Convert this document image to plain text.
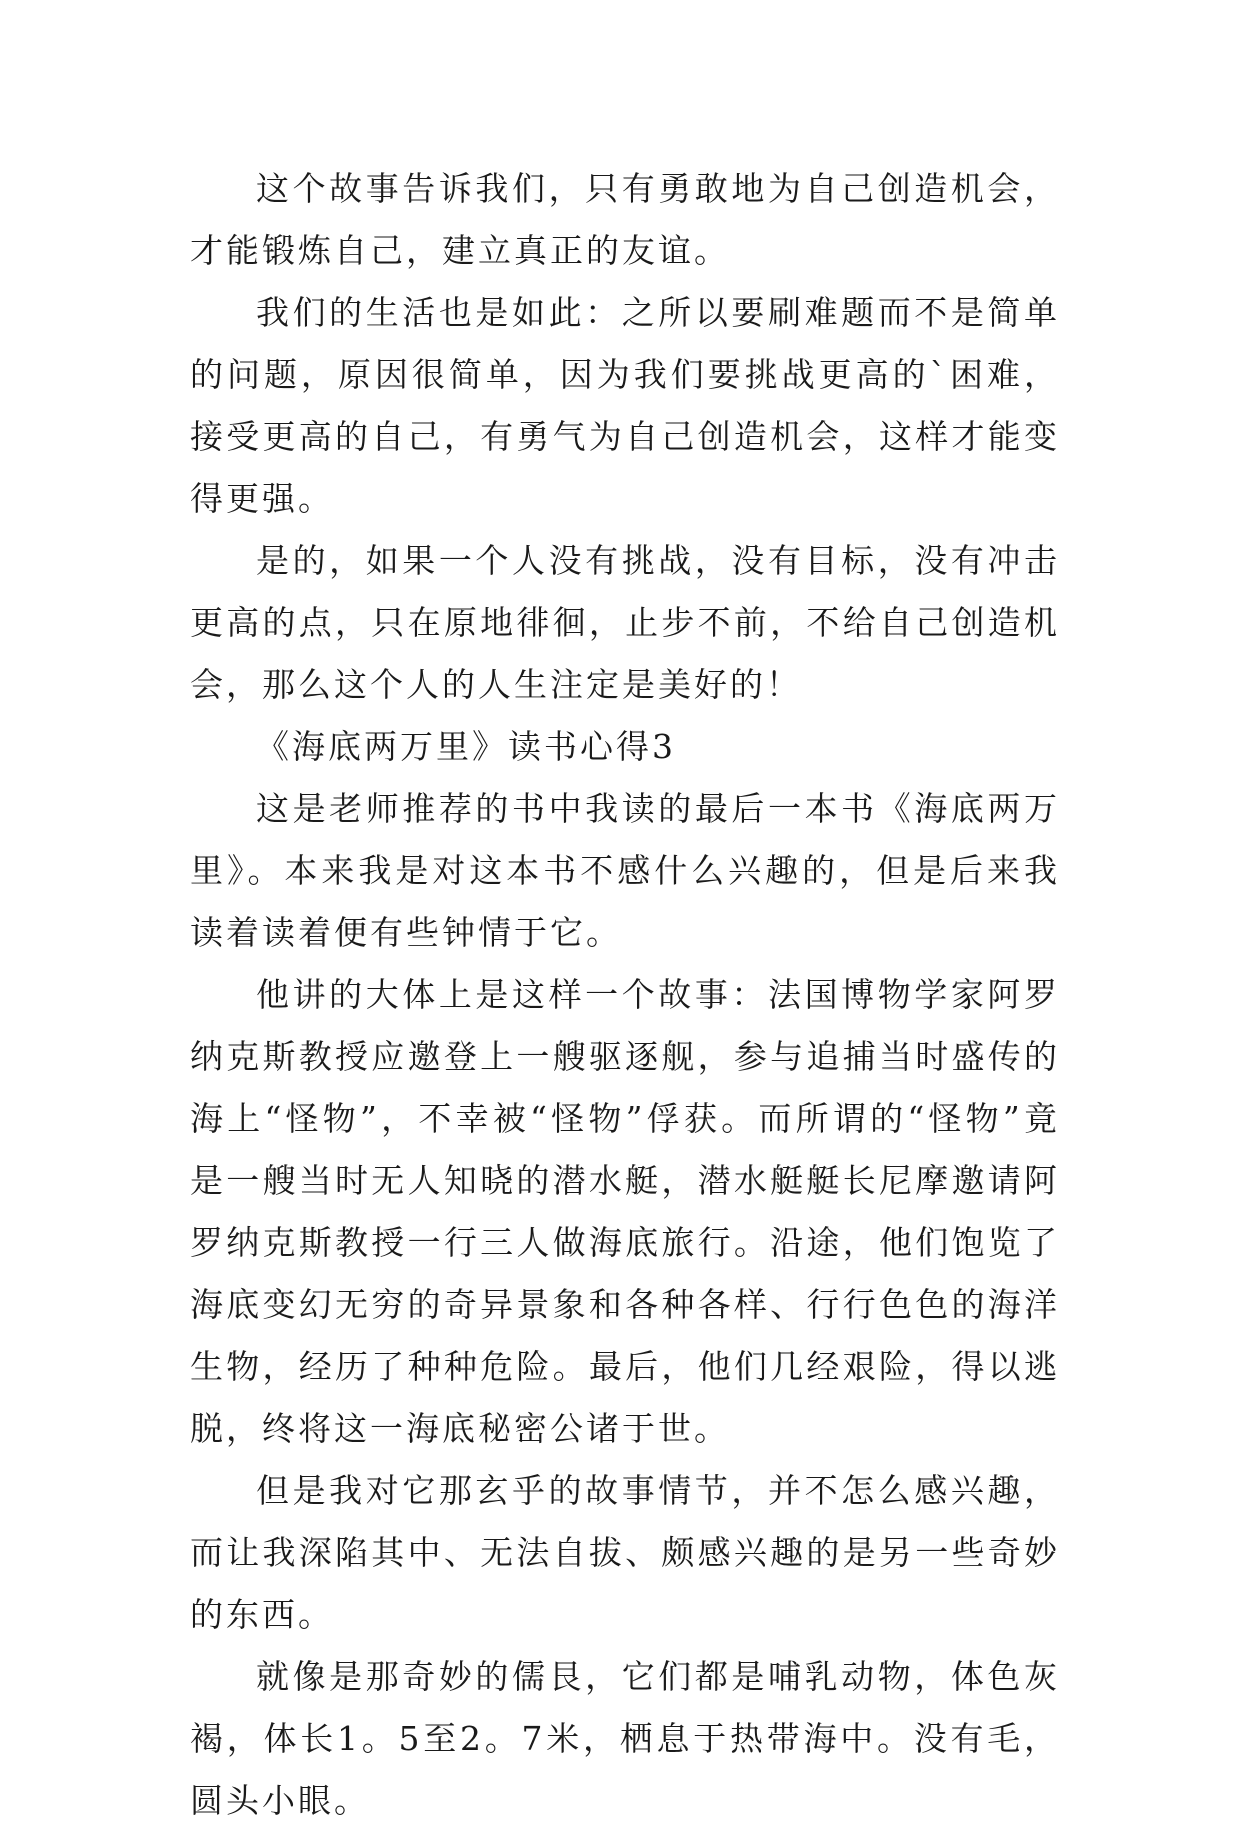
这个故事告诉我们，只有勇敢地为自己创造机会，才能锻炼自己，建立真正的友谊。

我们的生活也是如此：之所以要刷难题而不是简单的问题，原因很简单，因为我们要挑战更高的`困难，接受更高的自己，有勇气为自己创造机会，这样才能变得更强。

是的，如果一个人没有挑战，没有目标，没有冲击更高的点，只在原地徘徊，止步不前，不给自己创造机会，那么这个人的人生注定是美好的！

《海底两万里》读书心得3

这是老师推荐的书中我读的最后一本书《海底两万里》。本来我是对这本书不感什么兴趣的，但是后来我读着读着便有些钟情于它。

他讲的大体上是这样一个故事：法国博物学家阿罗纳克斯教授应邀登上一艘驱逐舰，参与追捕当时盛传的海上“怪物”，不幸被“怪物”俘获。而所谓的“怪物”竟是一艘当时无人知晓的潜水艇，潜水艇艇长尼摩邀请阿罗纳克斯教授一行三人做海底旅行。沿途，他们饱览了海底变幻无穷的奇异景象和各种各样、行行色色的海洋生物，经历了种种危险。最后，他们几经艰险，得以逃脱，终将这一海底秘密公诸于世。

但是我对它那玄乎的故事情节，并不怎么感兴趣，而让我深陷其中、无法自拔、颇感兴趣的是另一些奇妙的东西。

就像是那奇妙的儒艮，它们都是哺乳动物，体色灰褐，体长1。5至2。7米，栖息于热带海中。没有毛，圆头小眼。
